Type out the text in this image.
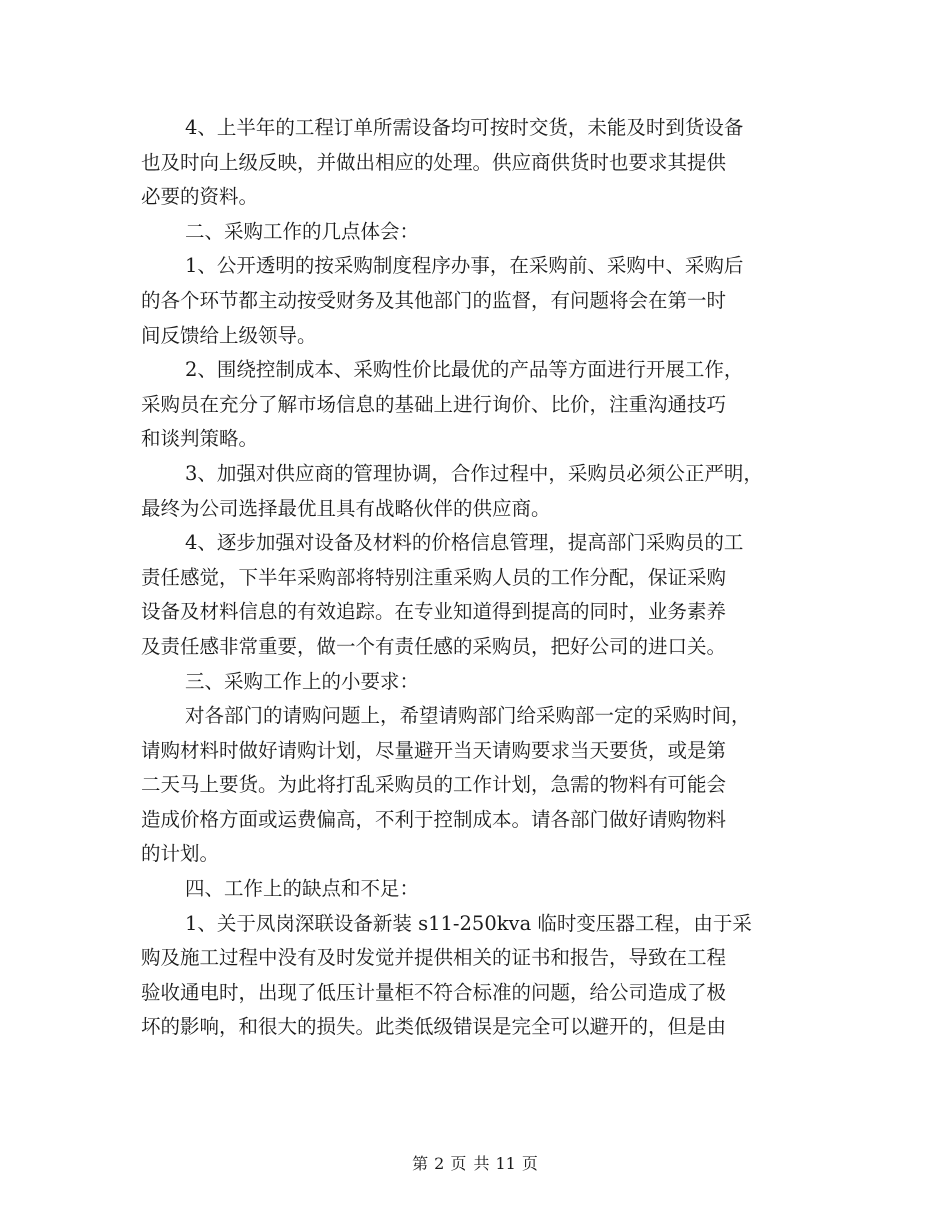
4、上半年的工程订单所需设备均可按时交货，未能及时到货设备
也及时向上级反映，并做出相应的处理。供应商供货时也要求其提供
必要的资料。
二、采购工作的几点体会：
1、公开透明的按采购制度程序办事，在采购前、采购中、采购后
的各个环节都主动按受财务及其他部门的监督，有问题将会在第一时
间反馈给上级领导。
2、围绕控制成本、采购性价比最优的产品等方面进行开展工作，
采购员在充分了解市场信息的基础上进行询价、比价，注重沟通技巧
和谈判策略。
3、加强对供应商的管理协调，合作过程中，采购员必须公正严明，
最终为公司选择最优且具有战略伙伴的供应商。
4、逐步加强对设备及材料的价格信息管理，提高部门采购员的工
责任感觉，下半年采购部将特别注重采购人员的工作分配，保证采购
设备及材料信息的有效追踪。在专业知道得到提高的同时，业务素养
及责任感非常重要，做一个有责任感的采购员，把好公司的进口关。
三、采购工作上的小要求：
对各部门的请购问题上，希望请购部门给采购部一定的采购时间，
请购材料时做好请购计划，尽量避开当天请购要求当天要货，或是第
二天马上要货。为此将打乱采购员的工作计划，急需的物料有可能会
造成价格方面或运费偏高，不利于控制成本。请各部门做好请购物料
的计划。
四、工作上的缺点和不足：
1、关于凤岗深联设备新装 s11-250kva 临时变压器工程，由于采
购及施工过程中没有及时发觉并提供相关的证书和报告，导致在工程
验收通电时，出现了低压计量柜不符合标准的问题，给公司造成了极
坏的影响，和很大的损失。此类低级错误是完全可以避开的，但是由
第 2 页 共 11 页
